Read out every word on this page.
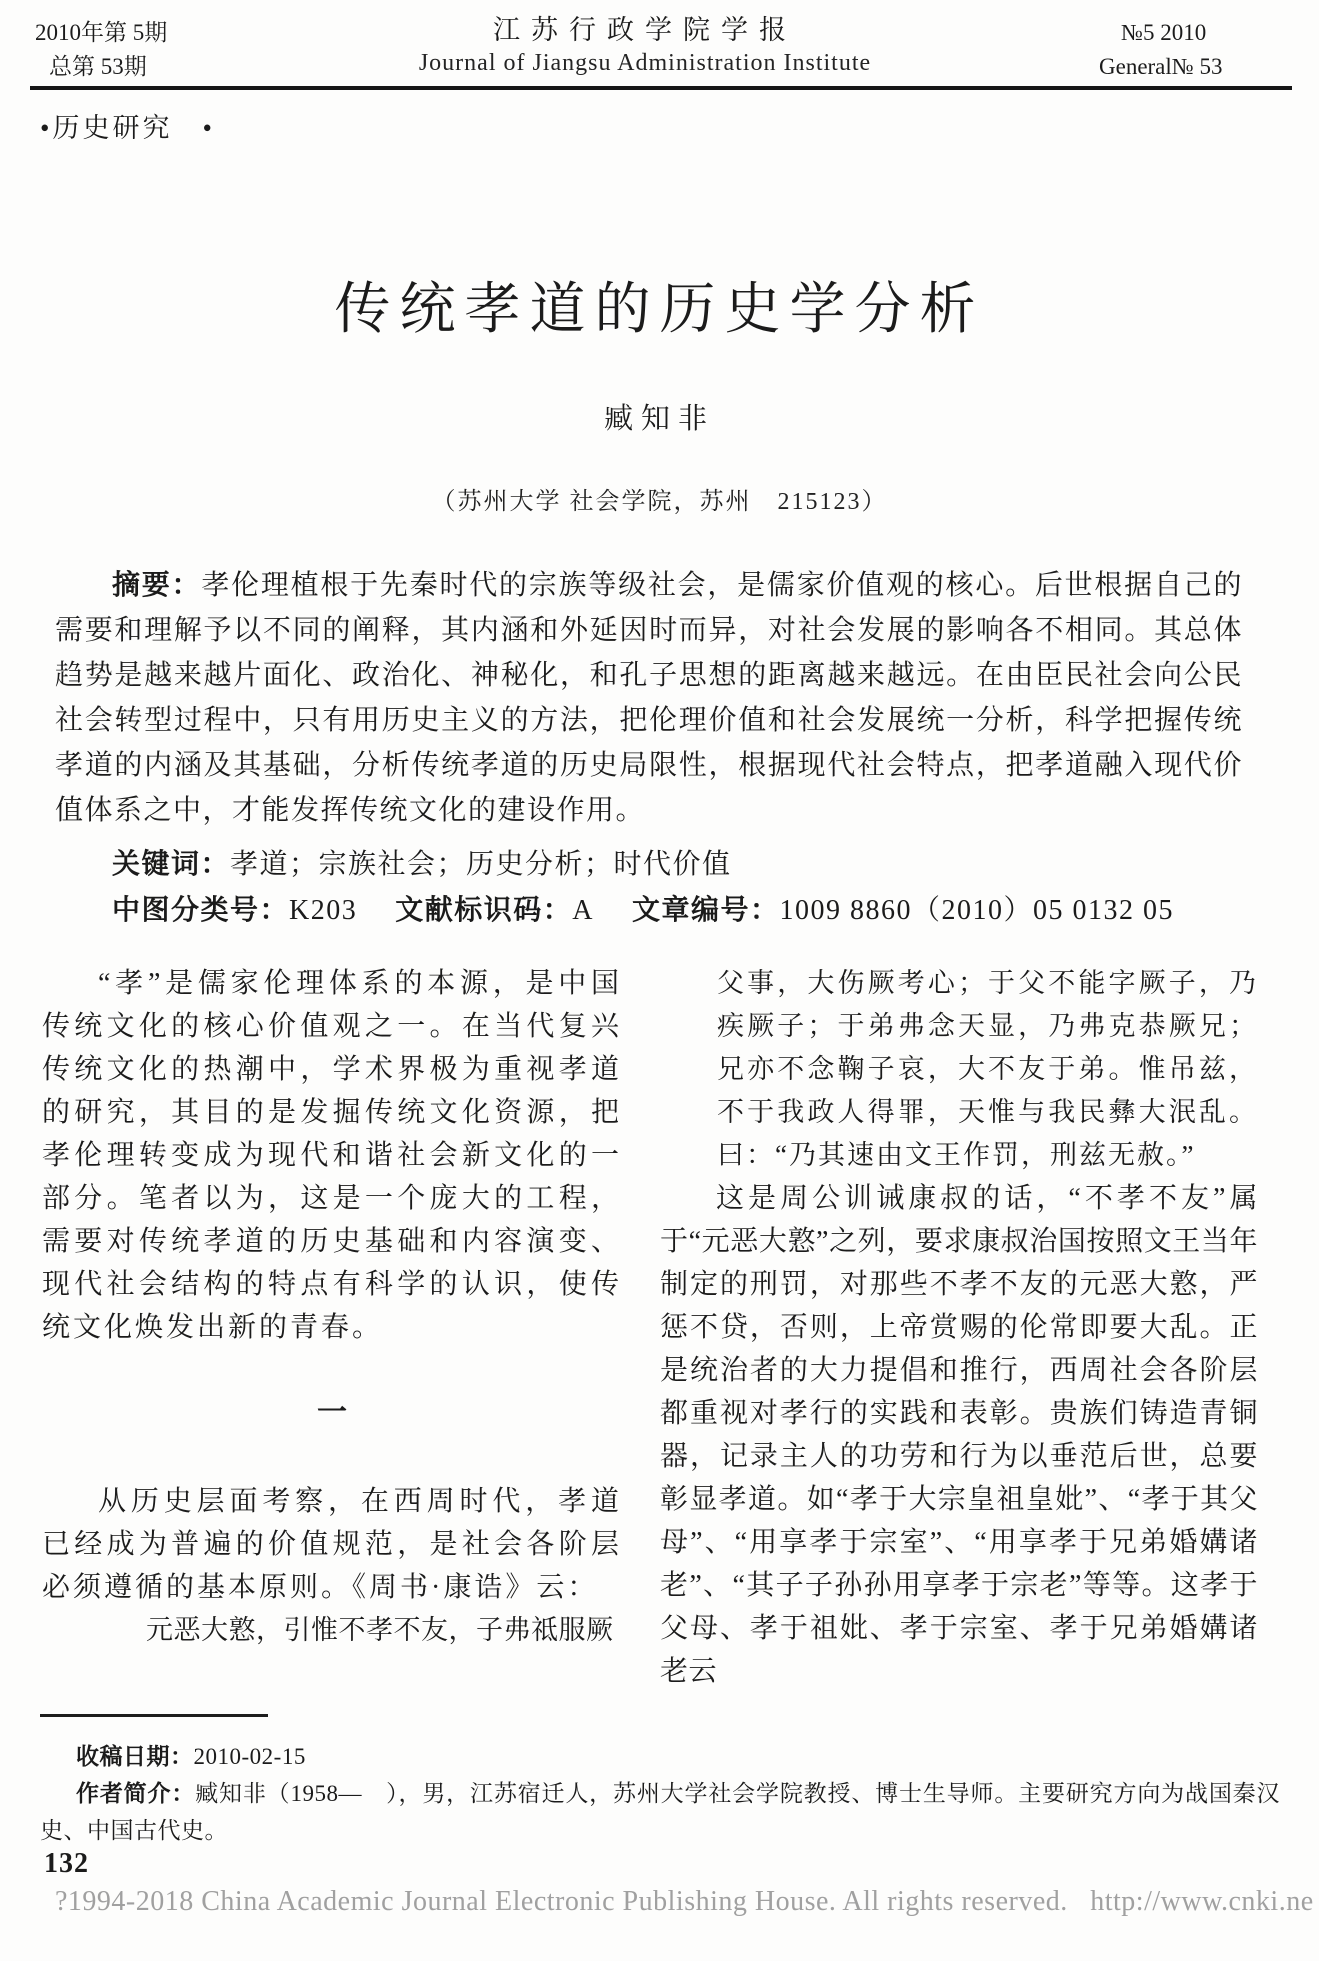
2010年第 5期
总第 53期
江苏行政学院学报
Journal of Jiangsu Administration Institute
№5 2010
General№ 53
•历史研究　•
传统孝道的历史学分析
臧知非
（苏州大学 社会学院，苏州　215123）

摘要：孝伦理植根于先秦时代的宗族等级社会，是儒家价值观的核心。后世根据自己的需要和理解予以不同的阐释，其内涵和外延因时而异，对社会发展的影响各不相同。其总体趋势是越来越片面化、政治化、神秘化，和孔子思想的距离越来越远。在由臣民社会向公民社会转型过程中，只有用历史主义的方法，把伦理价值和社会发展统一分析，科学把握传统孝道的内涵及其基础，分析传统孝道的历史局限性，根据现代社会特点，把孝道融入现代价值体系之中，才能发挥传统文化的建设作用。

关键词：孝道；宗族社会；历史分析；时代价值

中图分类号：K203 文献标识码：A 文章编号：1009 8860（2010）05 0132 05

“孝”是儒家伦理体系的本源，是中国传统文化的核心价值观之一。在当代复兴传统文化的热潮中，学术界极为重视孝道的研究，其目的是发掘传统文化资源，把孝伦理转变成为现代和谐社会新文化的一部分。笔者以为，这是一个庞大的工程，需要对传统孝道的历史基础和内容演变、现代社会结构的特点有科学的认识，使传统文化焕发出新的青春。

一

从历史层面考察，在西周时代，孝道已经成为普遍的价值规范，是社会各阶层必须遵循的基本原则。《周书·康诰》云：

元恶大憝，引惟不孝不友，子弗祗服厥
父事，大伤厥考心；于父不能字厥子，乃疾厥子；于弟弗念天显，乃弗克恭厥兄；兄亦不念鞠子哀，大不友于弟。惟吊兹，不于我政人得罪，天惟与我民彝大泯乱。曰：“乃其速由文王作罚，刑兹无赦。”

这是周公训诫康叔的话，“不孝不友”属于“元恶大憝”之列，要求康叔治国按照文王当年制定的刑罚，对那些不孝不友的元恶大憝，严惩不贷，否则，上帝赏赐的伦常即要大乱。正是统治者的大力提倡和推行，西周社会各阶层都重视对孝行的实践和表彰。贵族们铸造青铜器，记录主人的功劳和行为以垂范后世，总要彰显孝道。如“孝于大宗皇祖皇妣”、“孝于其父母”、“用享孝于宗室”、“用享孝于兄弟婚媾诸老”、“其子子孙孙用享孝于宗老”等等。这孝于父母、孝于祖妣、孝于宗室、孝于兄弟婚媾诸老云

收稿日期：2010-02-15

作者简介：臧知非（1958—　），男，江苏宿迁人，苏州大学社会学院教授、博士生导师。主要研究方向为战国秦汉史、中国古代史。

132
?1994-2018 China Academic Journal Electronic Publishing House. All rights reserved.   http://www.cnki.ne
